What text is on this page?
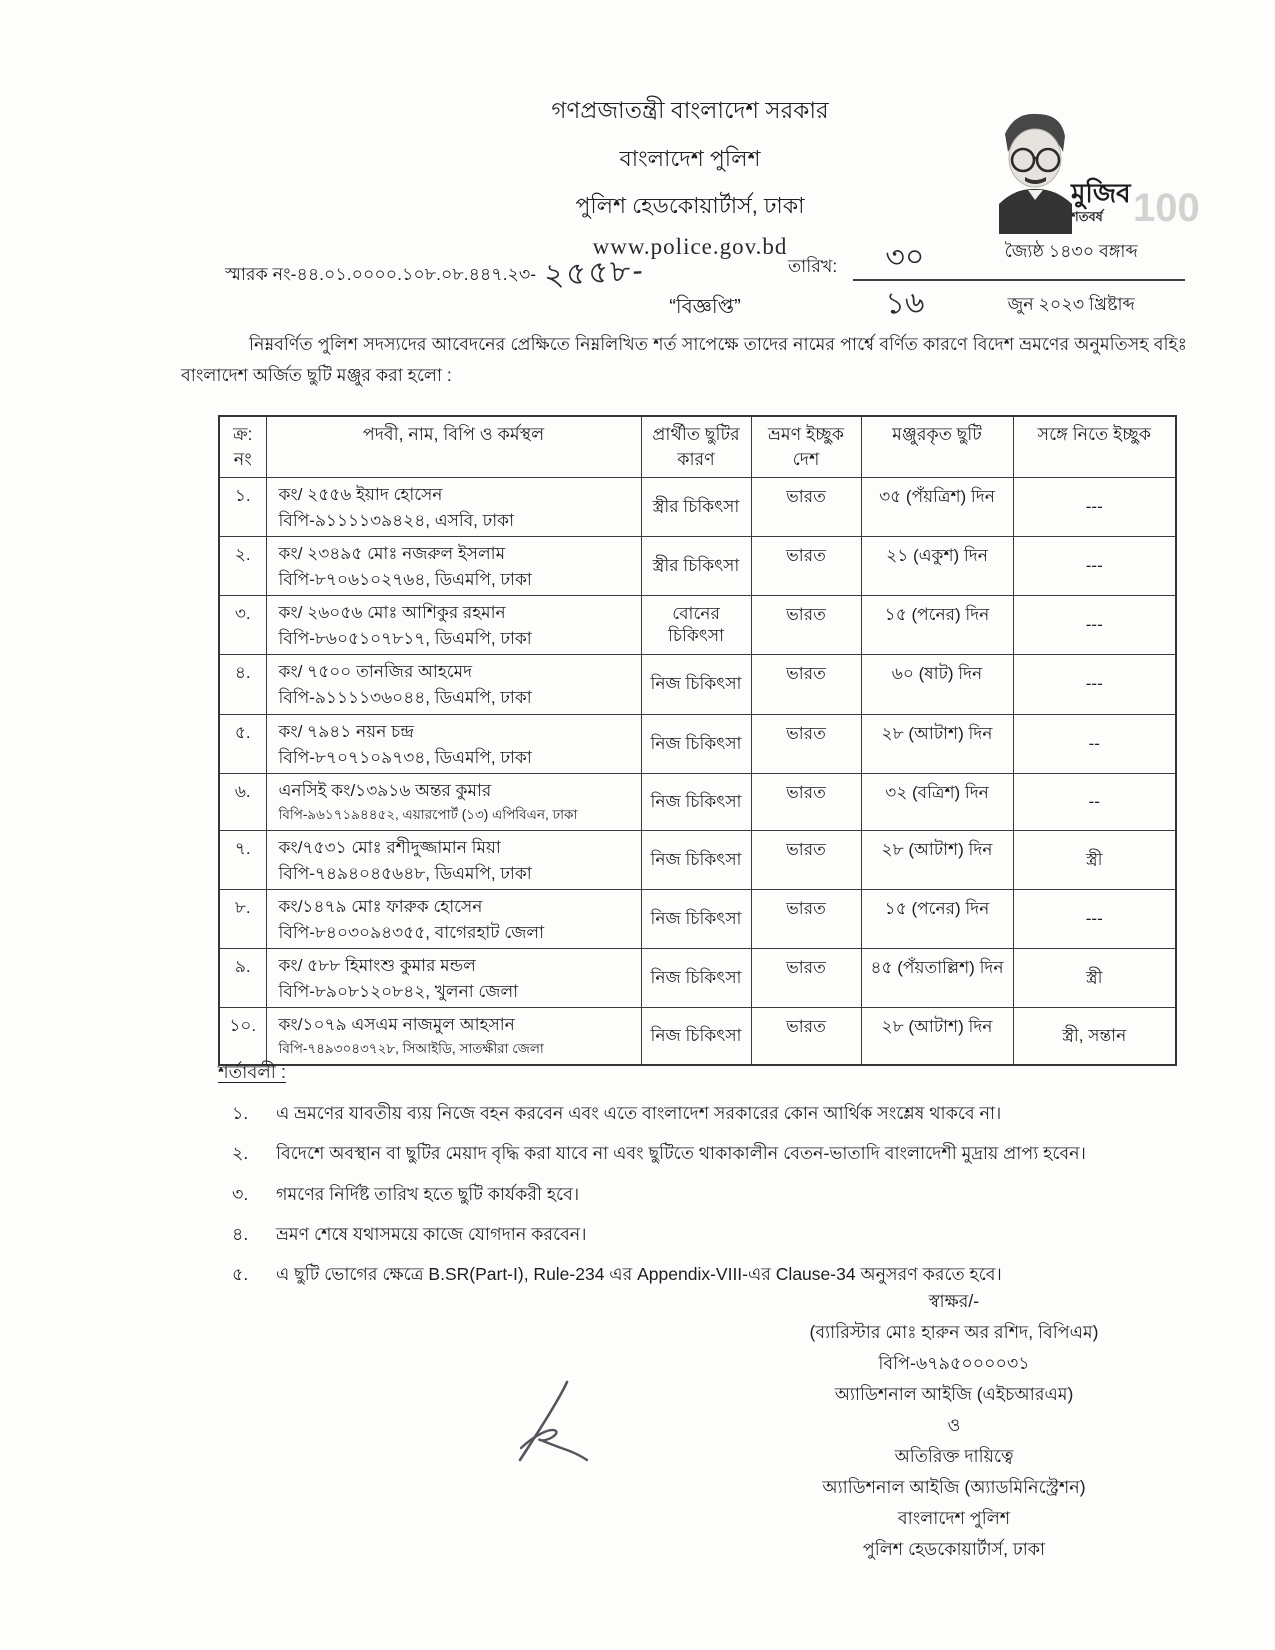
গণপ্রজাতন্ত্রী বাংলাদেশ সরকার
বাংলাদেশ পুলিশ
পুলিশ হেডকোয়ার্টার্স, ঢাকা
www.police.gov.bd
100
মুজিব
শতবর্ষ
স্মারক নং-৪৪.০১.০০০০.১০৮.০৮.৪৪৭.২৩- ২৫৫৮-	তারিখ: ৩০	জ্যৈষ্ঠ ১৪৩০ বঙ্গাব্দ
১৬	জুন ২০২৩ খ্রিষ্টাব্দ
“বিজ্ঞপ্তি”
নিম্নবর্ণিত পুলিশ সদস্যদের আবেদনের প্রেক্ষিতে নিম্নলিখিত শর্ত সাপেক্ষে তাদের নামের পার্শ্বে বর্ণিত কারণে বিদেশ ভ্রমণের অনুমতিসহ বহিঃ বাংলাদেশ অর্জিত ছুটি মঞ্জুর করা হলো :
ক্র: নং	পদবী, নাম, বিপি ও কর্মস্থল	প্রার্থীত ছুটির কারণ	ভ্রমণ ইচ্ছুক দেশ	মঞ্জুরকৃত ছুটি	সঙ্গে নিতে ইচ্ছুক
১.	কং/ ২৫৫৬ ইয়াদ হোসেন
বিপি-৯১১১১৩৯৪২৪, এসবি, ঢাকা	স্ত্রীর চিকিৎসা	ভারত	৩৫ (পঁয়ত্রিশ) দিন	---
২.	কং/ ২৩৪৯৫ মোঃ নজরুল ইসলাম
বিপি-৮৭০৬১০২৭৬৪, ডিএমপি, ঢাকা	স্ত্রীর চিকিৎসা	ভারত	২১ (একুশ) দিন	---
৩.	কং/ ২৬০৫৬ মোঃ আশিকুর রহমান
বিপি-৮৬০৫১০৭৮১৭, ডিএমপি, ঢাকা	বোনের চিকিৎসা	ভারত	১৫ (পনের) দিন	---
৪.	কং/ ৭৫০০ তানজির আহমেদ
বিপি-৯১১১১৩৬০৪৪, ডিএমপি, ঢাকা	নিজ চিকিৎসা	ভারত	৬০ (ষাট) দিন	---
৫.	কং/ ৭৯৪১ নয়ন চন্দ্র
বিপি-৮৭০৭১০৯৭৩৪, ডিএমপি, ঢাকা	নিজ চিকিৎসা	ভারত	২৮ (আটাশ) দিন	--
৬.	এনসিই কং/১৩৯১৬ অন্তর কুমার
বিপি-৯৬১৭১৯৪৪৫২, এয়ারপোর্ট (১৩) এপিবিএন, ঢাকা	নিজ চিকিৎসা	ভারত	৩২ (বত্রিশ) দিন	--
৭.	কং/৭৫৩১ মোঃ রশীদুজ্জামান মিয়া
বিপি-৭৪৯৪০৪৫৬৪৮, ডিএমপি, ঢাকা	নিজ চিকিৎসা	ভারত	২৮ (আটাশ) দিন	স্ত্রী
৮.	কং/১৪৭৯ মোঃ ফারুক হোসেন
বিপি-৮৪০৩০৯৪৩৫৫, বাগেরহাট জেলা	নিজ চিকিৎসা	ভারত	১৫ (পনের) দিন	---
৯.	কং/ ৫৮৮ হিমাংশু কুমার মন্ডল
বিপি-৮৯০৮১২০৮৪২, খুলনা জেলা	নিজ চিকিৎসা	ভারত	৪৫ (পঁয়তাল্লিশ) দিন	স্ত্রী
১০.	কং/১০৭৯ এসএম নাজমুল আহসান
বিপি-৭৪৯৩০৪৩৭২৮, সিআইডি, সাতক্ষীরা জেলা	নিজ চিকিৎসা	ভারত	২৮ (আটাশ) দিন	স্ত্রী, সন্তান
শর্তাবলী :
১.	এ ভ্রমণের যাবতীয় ব্যয় নিজে বহন করবেন এবং এতে বাংলাদেশ সরকারের কোন আর্থিক সংশ্লেষ থাকবে না।
২.	বিদেশে অবস্থান বা ছুটির মেয়াদ বৃদ্ধি করা যাবে না এবং ছুটিতে থাকাকালীন বেতন-ভাতাদি বাংলাদেশী মুদ্রায় প্রাপ্য হবেন।
৩.	গমণের নির্দিষ্ট তারিখ হতে ছুটি কার্যকরী হবে।
৪.	ভ্রমণ শেষে যথাসময়ে কাজে যোগদান করবেন।
৫.	এ ছুটি ভোগের ক্ষেত্রে B.SR(Part-I), Rule-234 এর Appendix-VIII-এর Clause-34 অনুসরণ করতে হবে।
স্বাক্ষর/-
(ব্যারিস্টার মোঃ হারুন অর রশিদ, বিপিএম)
বিপি-৬৭৯৫০০০০৩১
অ্যাডিশনাল আইজি (এইচআরএম)
ও
অতিরিক্ত দায়িত্বে
অ্যাডিশনাল আইজি (অ্যাডমিনিস্ট্রেশন)
বাংলাদেশ পুলিশ
পুলিশ হেডকোয়ার্টার্স, ঢাকা
